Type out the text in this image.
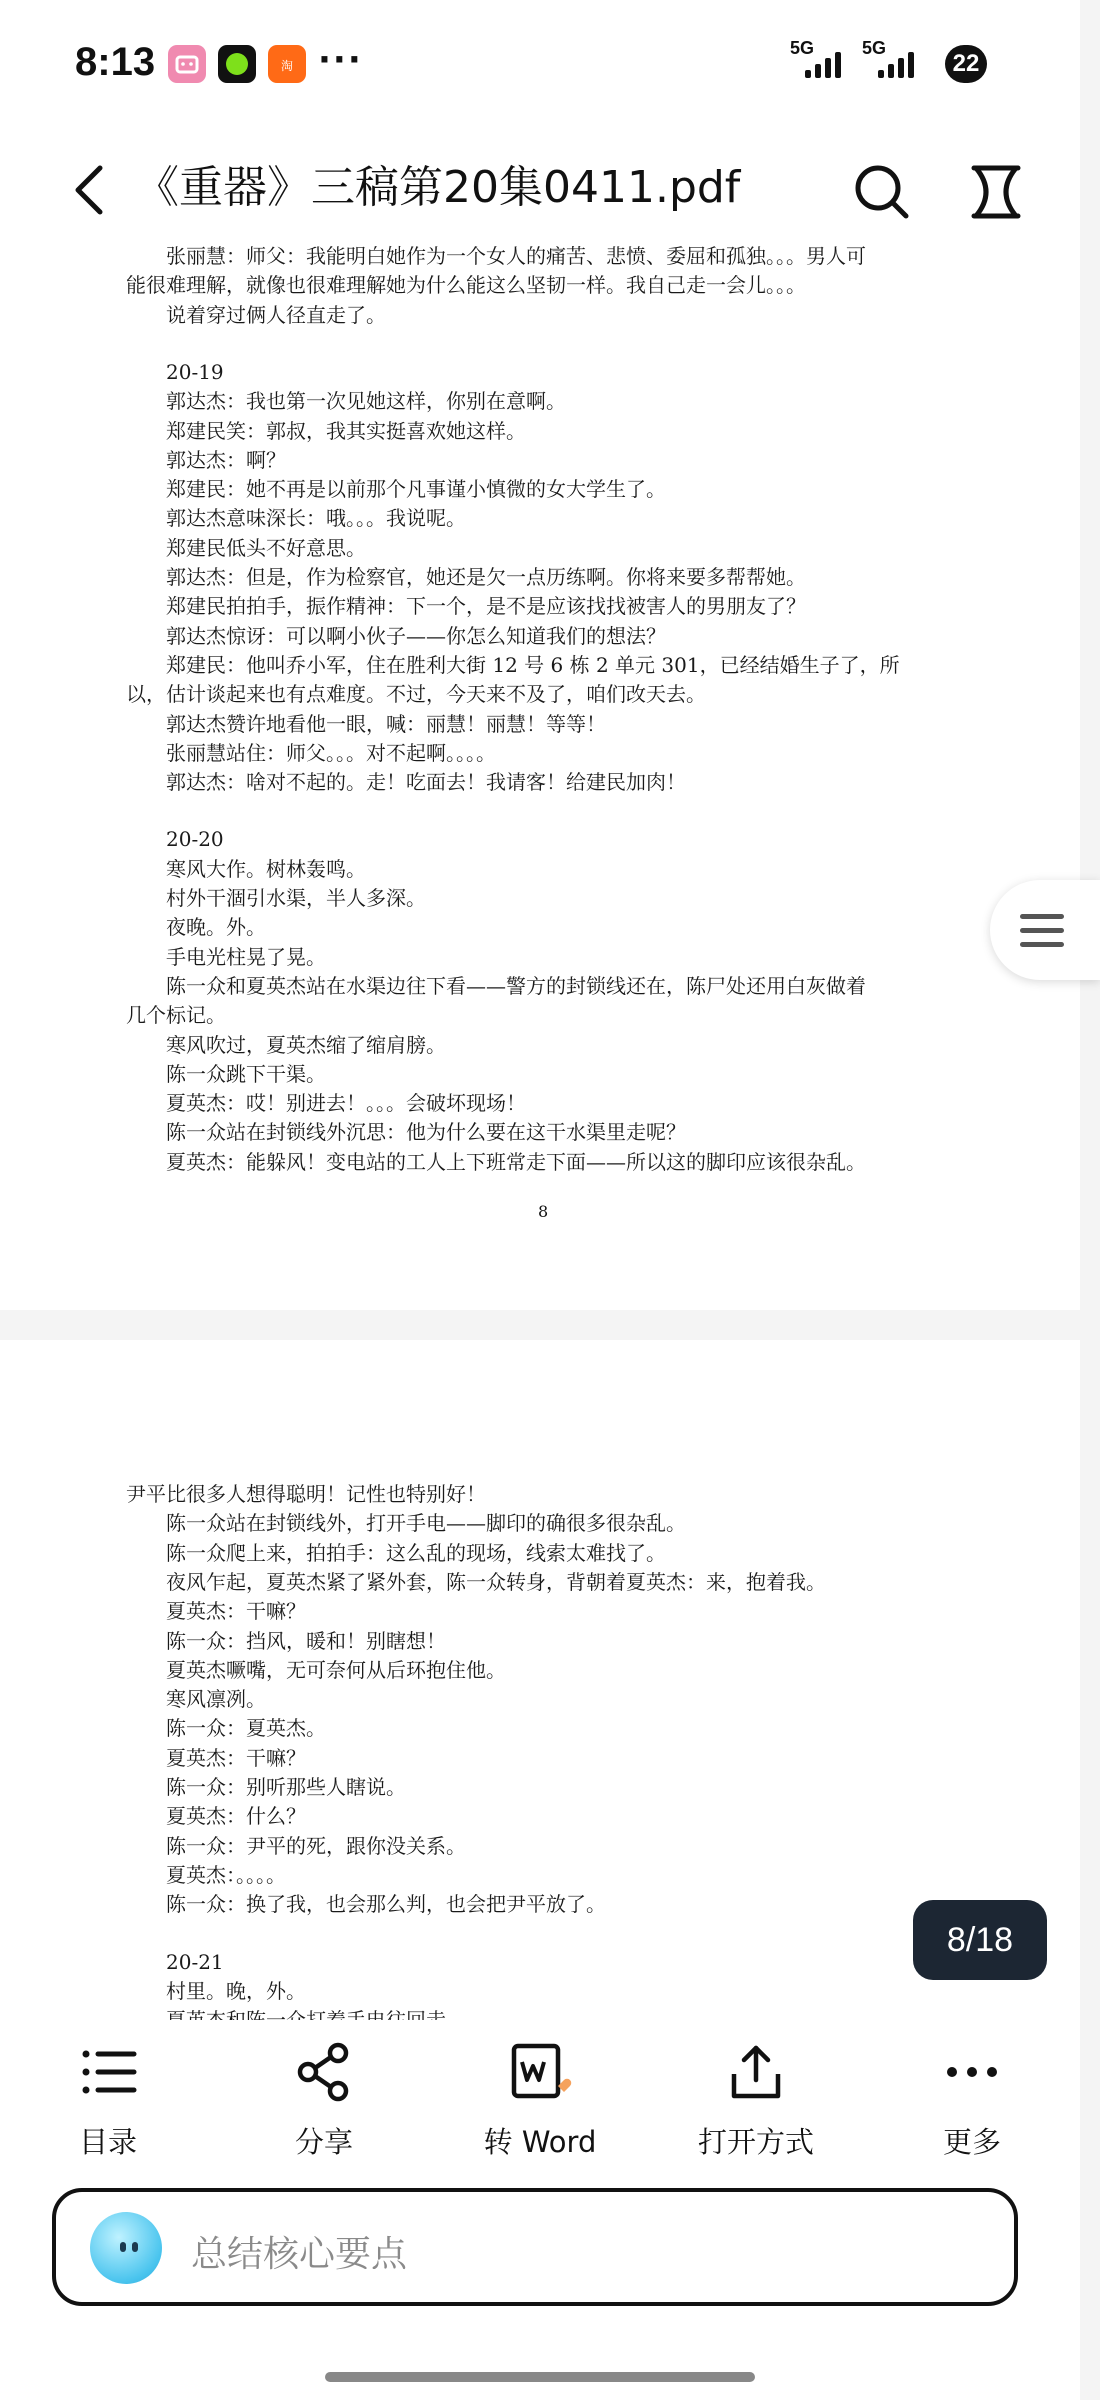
8:13	淘 ···	5G	5G
22
《重器》三稿第20集0411.pdf
张丽慧：师父：我能明白她作为一个女人的痛苦、悲愤、委屈和孤独。。。男人可
能很难理解，就像也很难理解她为什么能这么坚韧一样。我自己走一会儿。。。
说着穿过俩人径直走了。
20-19
郭达杰：我也第一次见她这样，你别在意啊。
郑建民笑：郭叔，我其实挺喜欢她这样。
郭达杰：啊？
郑建民：她不再是以前那个凡事谨小慎微的女大学生了。
郭达杰意味深长：哦。。。我说呢。
郑建民低头不好意思。
郭达杰：但是，作为检察官，她还是欠一点历练啊。你将来要多帮帮她。
郑建民拍拍手，振作精神：下一个，是不是应该找找被害人的男朋友了？
郭达杰惊讶：可以啊小伙子——你怎么知道我们的想法？
郑建民：他叫乔小军，住在胜利大街 12 号 6 栋 2 单元 301，已经结婚生子了，所
以，估计谈起来也有点难度。不过，今天来不及了，咱们改天去。
郭达杰赞许地看他一眼，喊：丽慧！丽慧！等等！
张丽慧站住：师父。。。对不起啊。。。。
郭达杰：啥对不起的。走！吃面去！我请客！给建民加肉！
20-20
寒风大作。树林轰鸣。
村外干涸引水渠，半人多深。
夜晚。外。
手电光柱晃了晃。
陈一众和夏英杰站在水渠边往下看——警方的封锁线还在，陈尸处还用白灰做着
几个标记。
寒风吹过，夏英杰缩了缩肩膀。
陈一众跳下干渠。
夏英杰：哎！别进去！。。。会破坏现场！
陈一众站在封锁线外沉思：他为什么要在这干水渠里走呢？
夏英杰：能躲风！变电站的工人上下班常走下面——所以这的脚印应该很杂乱。
8
尹平比很多人想得聪明！记性也特别好！
陈一众站在封锁线外，打开手电——脚印的确很多很杂乱。
陈一众爬上来，拍拍手：这么乱的现场，线索太难找了。
夜风乍起，夏英杰紧了紧外套，陈一众转身，背朝着夏英杰：来，抱着我。
夏英杰：干嘛？
陈一众：挡风，暖和！别瞎想！
夏英杰噘嘴，无可奈何从后环抱住他。
寒风凛冽。
陈一众：夏英杰。
夏英杰：干嘛？
陈一众：别听那些人瞎说。
夏英杰：什么？
陈一众：尹平的死，跟你没关系。
夏英杰：。。。。
陈一众：换了我，也会那么判，也会把尹平放了。
20-21
村里。晚，外。
8/18
目录	分享	转 Word	打开方式	更多
总结核心要点
